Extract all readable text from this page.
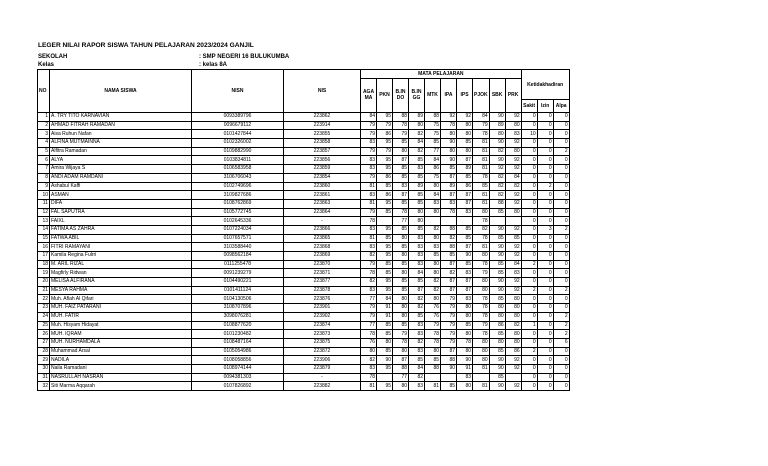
LEGER NILAI RAPOR SISWA TAHUN PELAJARAN 2023/2024 GANJIL
SEKOLAH	: SMP NEGERI 16 BULUKUMBA
Kelas	: kelas 8A
NO	NAMA SISWA	NISN	NIS	MATA PELAJARAN										Ketidakhadiran		
				AGA MA	PKN	B.IN DO	B.IN GG	MTK	IPA	IPS	PJOK	SBK	PRK			
														Sakit	Izin	Alpa
1	A. TRY TITO KARNAVIAN	0093389796	223862	84	95	88	89	88	92	92	84	90	92	0	0	0
2	AHMAD FITRAH RAMADAN	0096679112	223914	79	79	78	80	75	78	80	79	89	80	0	0	0
3	Aisa Ruhun Nafan	0101427844	223855	79	86	79	82	75	80	80	78	80	83	10	0	0
4	ALFINA MUTMAINNA	0102326002	223858	83	95	85	84	85	90	85	81	90	92	0	0	0
5	Alfitra Ramadan	0109882990	223857	79	79	80	82	77	80	80	81	82	80	0	0	2
6	ALYA	0103834811	223856	83	95	87	85	84	90	87	81	90	92	0	0	0
7	Amira Wijaya S	0106583958	223859	83	95	85	83	86	85	89	81	92	92	0	0	0
8	ANDI ADAM RAMDANI	3106706043	223854	79	86	85	85	75	87	85	78	82	84	0	0	0
9	Ashabul Kaffi	0102749696	223860	81	85	83	89	80	89	86	85	82	82	0	2	0
10	ASMAN	3109827686	223861	83	86	87	85	84	87	87	81	82	92	0	0	0
11	DIFA	0108762869	223863	81	95	85	85	83	83	87	81	88	92	0	0	0
12	FAL SAPUTRA	0105772745	223864	79	85	78	80	80	78	83	80	85	80	0	0	0
13	FAIXL	0102645336	-	78		77	80				78			0	0	0
14	FATIMA AS ZAHRA	0107224034	223866	83	95	85	85	82	88	85	82	90	92	0	3	2
15	FATWA ABIL	0107657571	223865	81	85	80	83	80	82	85	78	85	85	0	0	0
16	FITRI RAMAYANI	3103588440	223868	83	95	85	83	83	88	87	81	90	92	0	0	0
17	Kamila Regina Fulrri	0098562184	223869	82	95	80	83	85	85	90	80	90	92	0	0	0
18	M. ARIL RIZAL	0111255478	223870	79	85	85	83	80	87	85	78	85	84	2	0	0
19	Magfirly Ridwan	0091239279	223871	78	85	80	84	80	82	83	79	85	83	0	0	0
20	MELISA ALFIRANA	0104490221	223877	82	95	85	85	82	87	87	80	90	92	0	0	0
21	MESYA RAHMA	0101411124	223878	83	95	85	87	82	87	87	80	90	92	2	0	2
22	Muh. Aflah Al Qifari	0104130506	223876	77	84	80	82	80	79	83	78	85	80	0	0	0
23	MUH. FAIZ PATARANI	3108707896	223901	79	91	80	82	76	79	80	78	80	80	0	0	0
24	MUH. FATIR	3098076281	223902	79	91	80	85	76	79	80	78	80	80	0	0	2
25	Muh. Hisyam Hidayat	0108877620	223874	77	85	85	83	79	79	85	79	86	82	1	0	2
26	MUH. IQRAM	0101230482	223873	78	85	79	83	78	79	80	78	85	80	0	0	2
27	MUH. NURHAMDALA	0108487164	223875	76	80	78	82	78	79	78	80	80	80	0	0	6
28	Muhammad Arsal	0105054986	223872	80	85	80	83	80	87	80	80	85	86	2	0	0
29	NADILA	0108058856	223906	82	90	87	85	85	88	90	80	90	92	0	0	0
30	Naila Ramadani	0108974144	223879	83	95	88	84	88	90	91	81	90	92	0	0	0
31	NASRULLAH NASRAN	0094381303	-	78		77	82			83		85		0	0	0
32	Siti Marma Aqqarah	0107826892	223882	81	95	80	83	81	85	80	81	90	92	0	0	0
